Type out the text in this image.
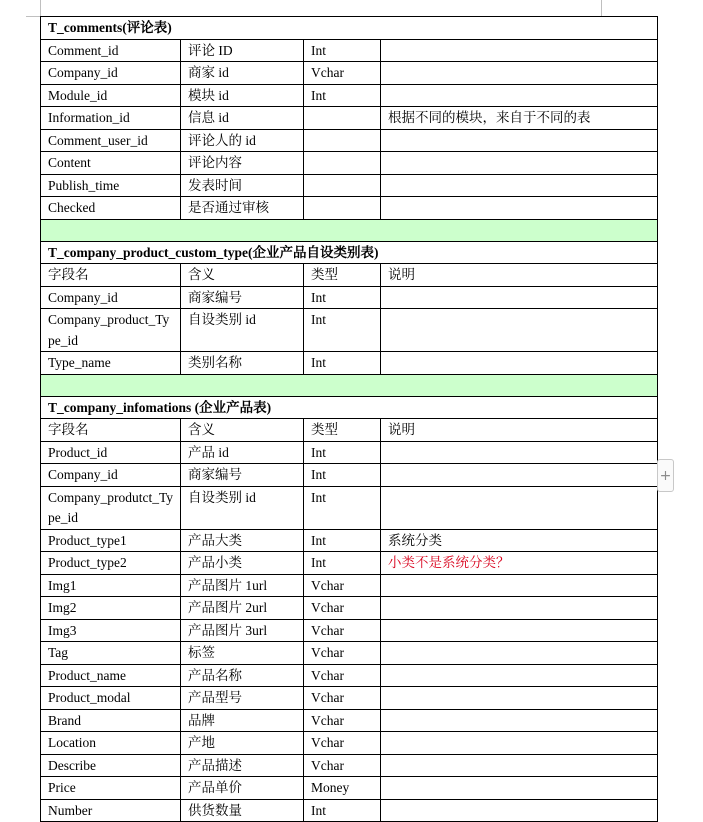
T_comments(评论表)			
Comment_id	评论 ID	Int	
Company_id	商家 id	Vchar	
Module_id	模块 id	Int	
Information_id	信息 id		根据不同的模块，来自于不同的表
Comment_user_id	评论人的 id		
Content	评论内容		
Publish_time	发表时间		
Checked	是否通过审核		

T_company_product_custom_type(企业产品自设类别表)			
字段名	含义	类型	说明
Company_id	商家编号	Int	
Company_product_Type_id	自设类别 id	Int	
Type_name	类别名称	Int	

T_company_infomations (企业产品表)			
字段名	含义	类型	说明
Product_id	产品 id	Int	
Company_id	商家编号	Int	
Company_produtct_Type_id	自设类别 id	Int	
Product_type1	产品大类	Int	系统分类
Product_type2	产品小类	Int	小类不是系统分类？
Img1	产品图片 1url	Vchar	
Img2	产品图片 2url	Vchar	
Img3	产品图片 3url	Vchar	
Tag	标签	Vchar	
Product_name	产品名称	Vchar	
Product_modal	产品型号	Vchar	
Brand	品牌	Vchar	
Location	产地	Vchar	
Describe	产品描述	Vchar	
Price	产品单价	Money	
Number	供货数量	Int	
+
